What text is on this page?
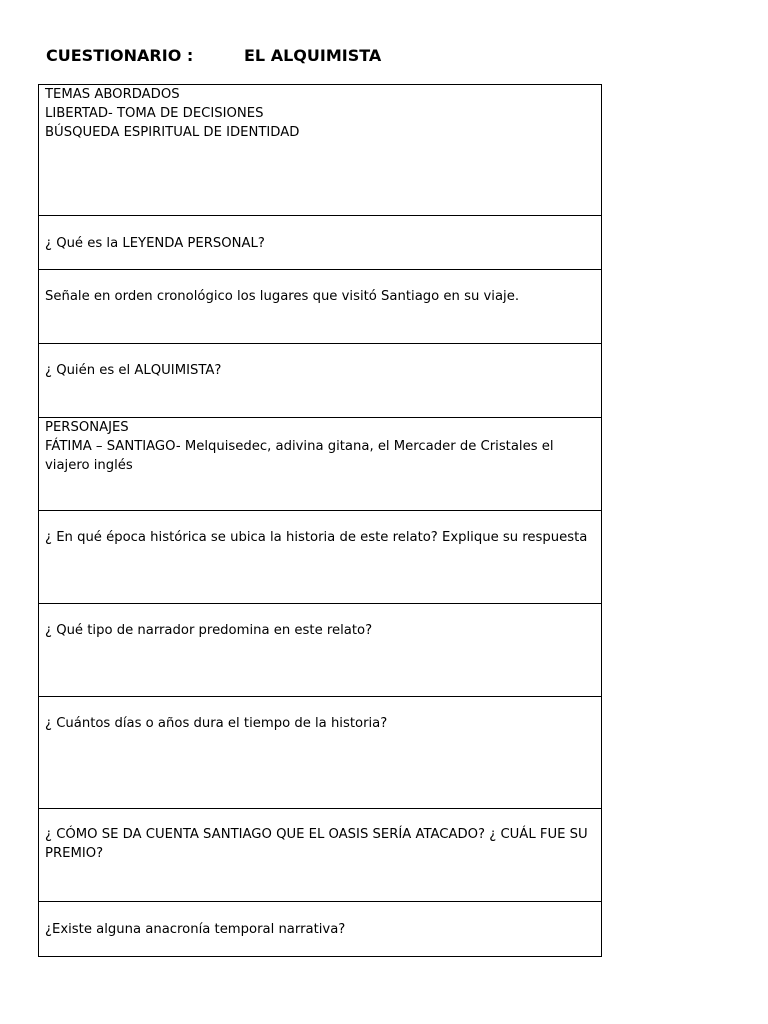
CUESTIONARIO :	EL ALQUIMISTA
TEMAS ABORDADOS
LIBERTAD- TOMA DE DECISIONES
BÚSQUEDA ESPIRITUAL DE IDENTIDAD

¿ Qué es la LEYENDA PERSONAL?

Señale en orden cronológico los lugares que visitó Santiago en su viaje.

¿ Quién es el ALQUIMISTA?

PERSONAJES
FÁTIMA – SANTIAGO- Melquisedec, adivina gitana, el Mercader de Cristales el viajero inglés

¿ En qué época histórica se ubica la historia de este relato? Explique su respuesta

¿ Qué tipo de narrador predomina en este relato?

¿ Cuántos días o años dura el tiempo de la historia?

¿ CÓMO SE DA CUENTA SANTIAGO QUE EL OASIS SERÍA ATACADO? ¿ CUÁL FUE SU PREMIO?

¿Existe alguna anacronía temporal narrativa?
